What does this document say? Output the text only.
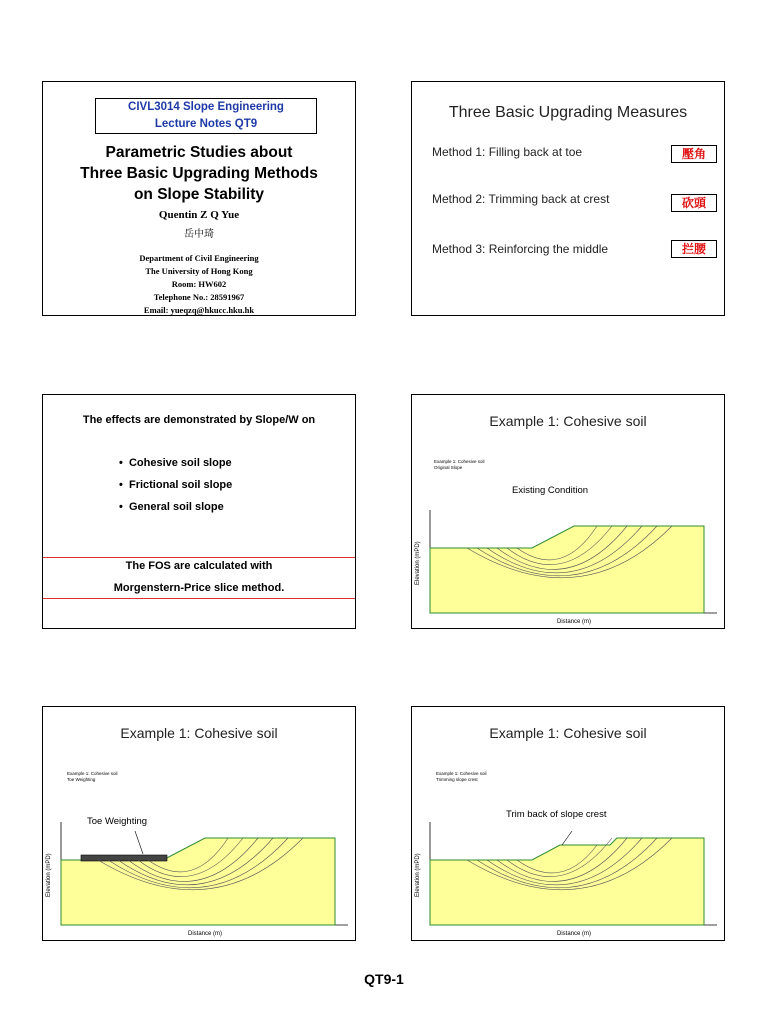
CIVL3014 Slope Engineering
Lecture Notes QT9
Parametric Studies about
Three Basic Upgrading Methods
on Slope Stability
Quentin Z Q Yue
岳中琦
Department of Civil Engineering
The University of Hong Kong
Room: HW602
Telephone No.: 28591967
Email: yueqzq@hkucc.hku.hk
Three Basic Upgrading Measures
Method 1: Filling back at toe	壓角
Method 2: Trimming back at crest	砍頭
Method 3: Reinforcing the middle	拦腰
The effects are demonstrated by Slope/W on
•  Cohesive soil slope
•  Frictional soil slope
•  General soil slope
The FOS are calculated with
Morgenstern-Price slice method.
Example 1: Cohesive soil
Example 1: Cohesive soil
Original Slope
Existing Condition
Elevation (mPD)
Distance (m)
Example 1: Cohesive soil
Example 1: Cohesive soil
Toe Weighting
Toe Weighting
Elevation (mPD)
Distance (m)
Example 1: Cohesive soil
Example 1: Cohesive soil
Trimming slope crest
Trim back of slope crest
Elevation (mPD)
Distance (m)
QT9-1
